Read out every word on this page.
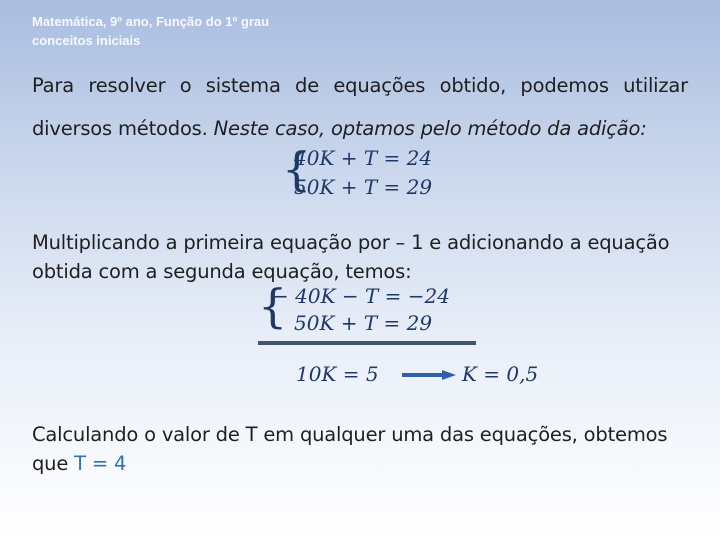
Matemática, 9º ano, Função do 1º grau
conceitos iniciais
Para resolver o sistema de equações obtido, podemos utilizar
diversos métodos. Neste caso, optamos pelo método da adição:
{
40K + T = 24
50K + T = 29
Multiplicando a primeira equação por – 1 e adicionando a equação obtida com a segunda equação, temos:
{
− 40K − T = −24
50K + T = 29
10K = 5	K = 0,5
Calculando o valor de T em qualquer uma das equações, obtemos que T = 4
